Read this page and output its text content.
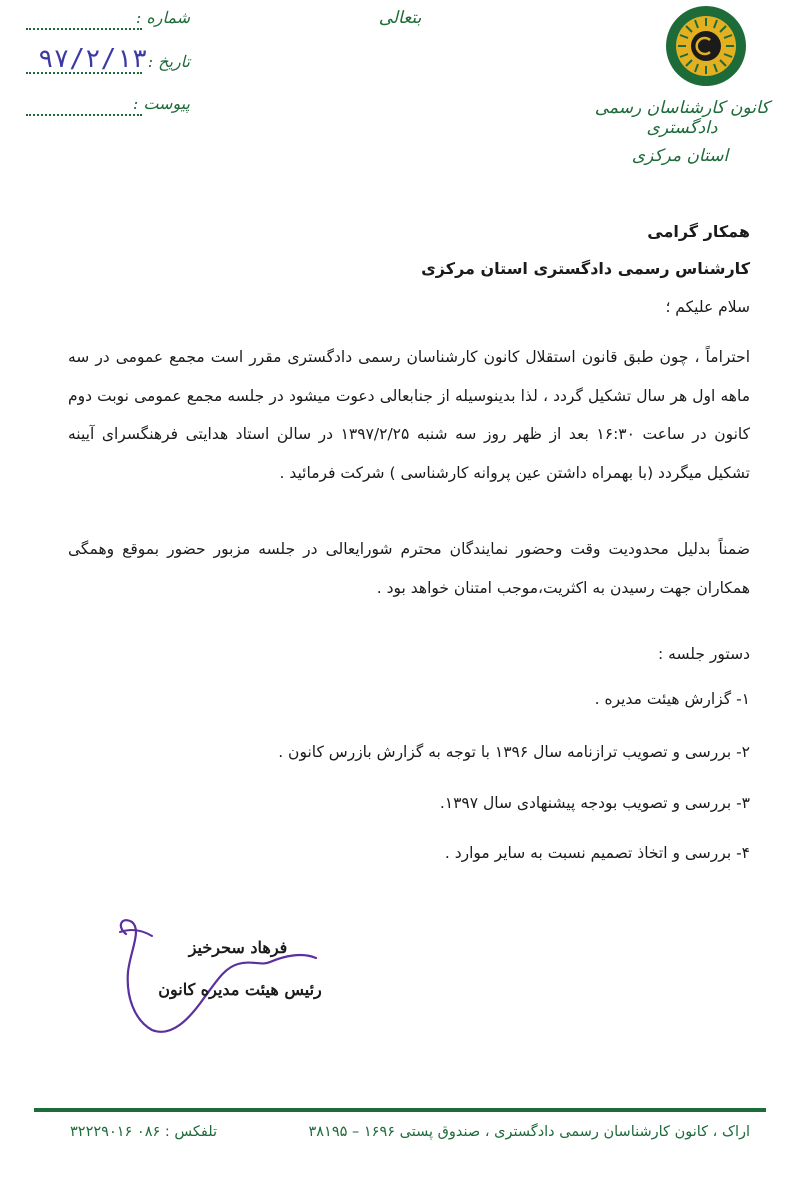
بتعالی
کانون کارشناسان رسمی دادگستری
استان مرکزی
شماره :
تاریخ :
۹۷/۲/۱۳
پیوست :
همکار گرامی
کارشناس رسمی دادگستری استان مرکزی
سلام علیکم ؛
احتراماً ، چون طبق قانون استقلال کانون کارشناسان رسمی دادگستری مقرر است مجمع عمومی در سه ماهه اول هر سال تشکیل گردد ، لذا بدینوسیله از جنابعالی دعوت میشود در جلسه مجمع عمومی نوبت دوم کانون در ساعت ۱۶:۳۰ بعد از ظهر روز سه شنبه ۱۳۹۷/۲/۲۵ در سالن استاد هدایتی فرهنگسرای آیینه تشکیل میگردد (با بهمراه داشتن عین پروانه کارشناسی ) شرکت فرمائید .
ضمناً بدلیل محدودیت وقت وحضور نمایندگان محترم شورایعالی در جلسه مزبور حضور بموقع وهمگی همکاران جهت رسیدن به اکثریت،موجب امتنان خواهد بود .
دستور جلسه :
۱- گزارش هیئت مدیره .
۲- بررسی و تصویب ترازنامه سال ۱۳۹۶ با توجه به گزارش بازرس کانون .
۳- بررسی و تصویب بودجه پیشنهادی سال ۱۳۹۷.
۴- بررسی و اتخاذ تصمیم نسبت به سایر موارد .
فرهاد سحرخیز
رئیس هیئت مدیره کانون
اراک ، کانون کارشناسان رسمی دادگستری ، صندوق پستی ۱۶۹۶ – ۳۸۱۹۵
تلفکس : ۰۸۶ ۳۲۲۲۹۰۱۶
